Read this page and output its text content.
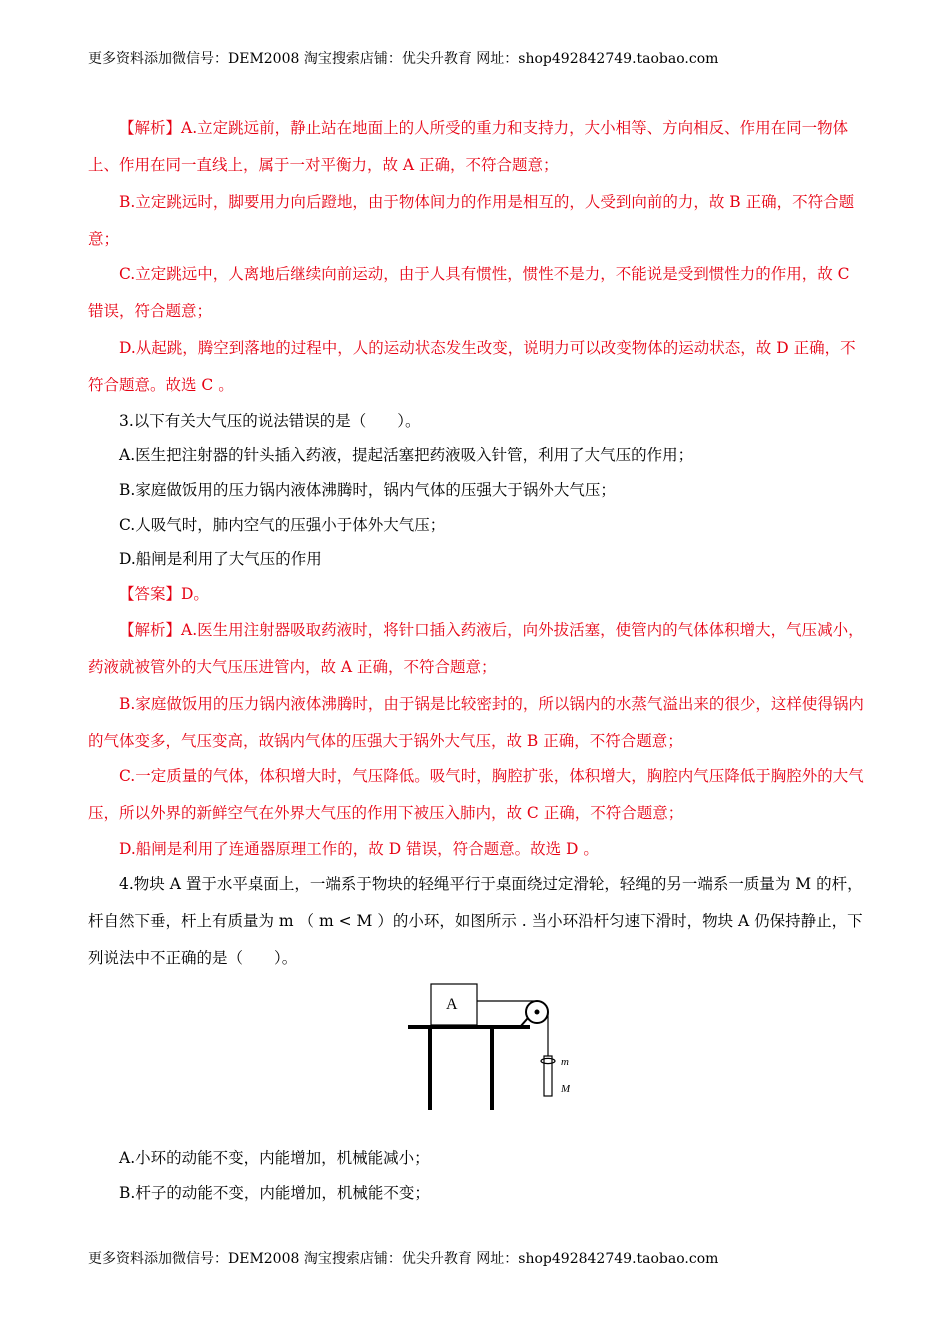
更多资料添加微信号：DEM2008 淘宝搜索店铺：优尖升教育 网址：shop492842749.taobao.com

【解析】A.立定跳远前，静止站在地面上的人所受的重力和支持力，大小相等、方向相反、作用在同一物体上、作用在同一直线上，属于一对平衡力，故 A 正确，不符合题意；

B.立定跳远时，脚要用力向后蹬地，由于物体间力的作用是相互的，人受到向前的力，故 B 正确，不符合题意；

C.立定跳远中，人离地后继续向前运动，由于人具有惯性，惯性不是力，不能说是受到惯性力的作用，故 C 错误，符合题意；

D.从起跳，腾空到落地的过程中，人的运动状态发生改变，说明力可以改变物体的运动状态，故 D 正确，不符合题意。故选 C 。

3.以下有关大气压的说法错误的是（　　）。

A.医生把注射器的针头插入药液，提起活塞把药液吸入针管，利用了大气压的作用；

B.家庭做饭用的压力锅内液体沸腾时，锅内气体的压强大于锅外大气压；

C.人吸气时，肺内空气的压强小于体外大气压；

D.船闸是利用了大气压的作用

【答案】D。

【解析】A.医生用注射器吸取药液时，将针口插入药液后，向外拔活塞，使管内的气体体积增大，气压减小，药液就被管外的大气压压进管内，故 A 正确，不符合题意；

B.家庭做饭用的压力锅内液体沸腾时，由于锅是比较密封的，所以锅内的水蒸气溢出来的很少，这样使得锅内的气体变多，气压变高，故锅内气体的压强大于锅外大气压，故 B 正确，不符合题意；

C.一定质量的气体，体积增大时，气压降低。吸气时，胸腔扩张，体积增大，胸腔内气压降低于胸腔外的大气压，所以外界的新鲜空气在外界大气压的作用下被压入肺内，故 C 正确，不符合题意；

D.船闸是利用了连通器原理工作的，故 D 错误，符合题意。故选 D 。

4.物块 A 置于水平桌面上，一端系于物块的轻绳平行于桌面绕过定滑轮，轻绳的另一端系一质量为 M 的杆，杆自然下垂，杆上有质量为 m （ m < M ）的小环，如图所示 . 当小环沿杆匀速下滑时，物块 A 仍保持静止，下列说法中不正确的是（　　）。

A
m
M

A.小环的动能不变，内能增加，机械能减小；

B.杆子的动能不变，内能增加，机械能不变；

更多资料添加微信号：DEM2008 淘宝搜索店铺：优尖升教育 网址：shop492842749.taobao.com
